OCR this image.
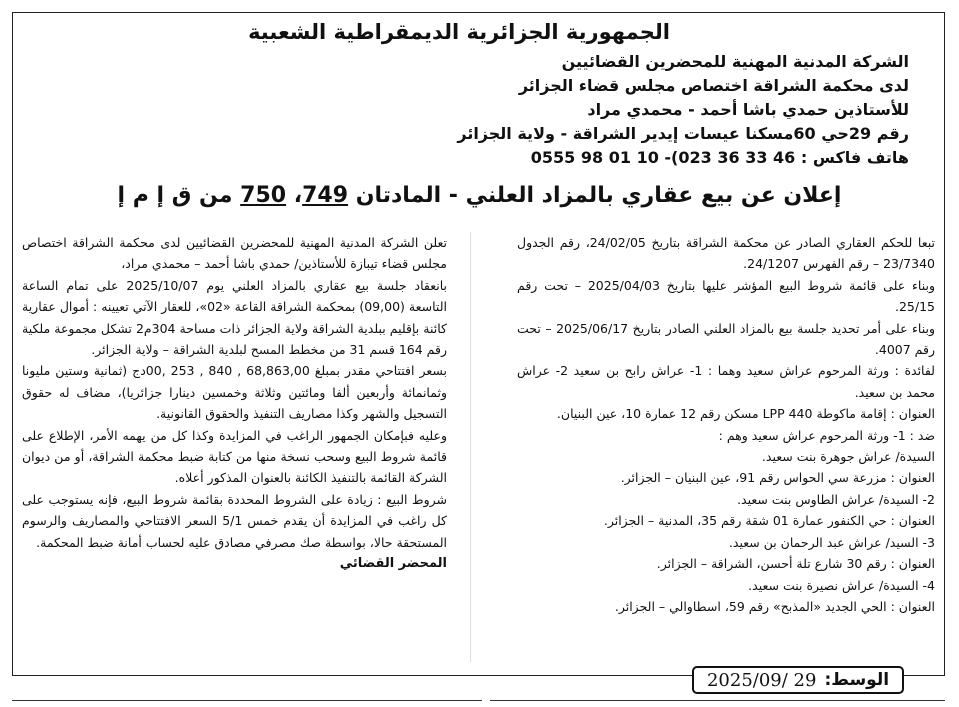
الجمهورية الجزائرية الديمقراطية الشعبية
الشركة المدنية المهنية للمحضرين القضائيين
لدى محكمة الشراقة اختصاص مجلس قضاء الجزائر
للأستاذين حمدي باشا أحمد - محمدي مراد
رقم 29حي 60مسكنا عيسات إيدير الشراقة - ولاية الجزائر
هاتف فاكس : 46 33 36 023)- 10 01 98 0555
إعلان عن بيع عقاري بالمزاد العلني - المادتان 749، 750 من ق إ م إ

تبعا للحكم العقاري الصادر عن محكمة الشراقة بتاريخ 24/02/05، رقم الجدول 23/7340 – رقم الفهرس 24/1207.

وبناء على قائمة شروط البيع المؤشر عليها بتاريخ 2025/04/03 – تحت رقم 25/15.

وبناء على أمر تحديد جلسة بيع بالمزاد العلني الصادر بتاريخ 2025/06/17 – تحت رقم 4007.

لفائدة : ورثة المرحوم عراش سعيد وهما : 1- عراش رابح بن سعيد 2- عراش محمد بن سعيد.

العنوان : إقامة ماكوطة LPP 440 مسكن رقم 12 عمارة 10، عين البنيان.

ضد : 1- ورثة المرحوم عراش سعيد وهم :

السيدة/ عراش جوهرة بنت سعيد.

العنوان : مزرعة سي الحواس رقم 91، عين البنيان – الجزائر.

2- السيدة/ عراش الطاوس بنت سعيد.

العنوان : حي الكنفور عمارة 01 شقة رقم 35، المدنية – الجزائر.

3- السيد/ عراش عبد الرحمان بن سعيد.

العنوان : رقم 30 شارع تلة أحسن، الشراقة – الجزائر.

4- السيدة/ عراش نصيرة بنت سعيد.

العنوان : الحي الجديد «المذبح» رقم 59، اسطاوالي – الجزائر.

تعلن الشركة المدنية المهنية للمحضرين القضائيين لدى محكمة الشراقة اختصاص مجلس قضاء تيبازة للأستاذين/ حمدي باشا أحمد – محمدي مراد،

بانعقاد جلسة بيع عقاري بالمزاد العلني يوم 2025/10/07 على تمام الساعة التاسعة (09,00) بمحكمة الشراقة القاعة «02»، للعقار الآتي تعيينه : أموال عقارية كائنة بإقليم ببلدية الشراقة ولاية الجزائر ذات مساحة 304م2 تشكل مجموعة ملكية رقم 164 قسم 31 من مخطط المسح لبلدية الشراقة – ولاية الجزائر.

بسعر افتتاحي مقدر بمبلغ 68,863,00 , 840 , 253 ,00دج (ثمانية وستين مليونا وثمانمائة وأربعين ألفا ومائتين وثلاثة وخمسين دينارا جزائريا)، مضاف له حقوق التسجيل والشهر وكذا مصاريف التنفيذ والحقوق القانونية.

وعليه فبإمكان الجمهور الراغب في المزايدة وكذا كل من يهمه الأمر، الإطلاع على قائمة شروط البيع وسحب نسخة منها من كتابة ضبط محكمة الشراقة، أو من ديوان الشركة القائمة بالتنفيذ الكائنة بالعنوان المذكور أعلاه.

شروط البيع : زيادة على الشروط المحددة بقائمة شروط البيع، فإنه يستوجب على كل راغب في المزايدة أن يقدم خمس 5/1 السعر الافتتاحي والمصاريف والرسوم المستحقة حالا، بواسطة صك مصرفي مصادق عليه لحساب أمانة ضبط المحكمة.

المحضر القضائي
الوسط:
2025/09/ 29
